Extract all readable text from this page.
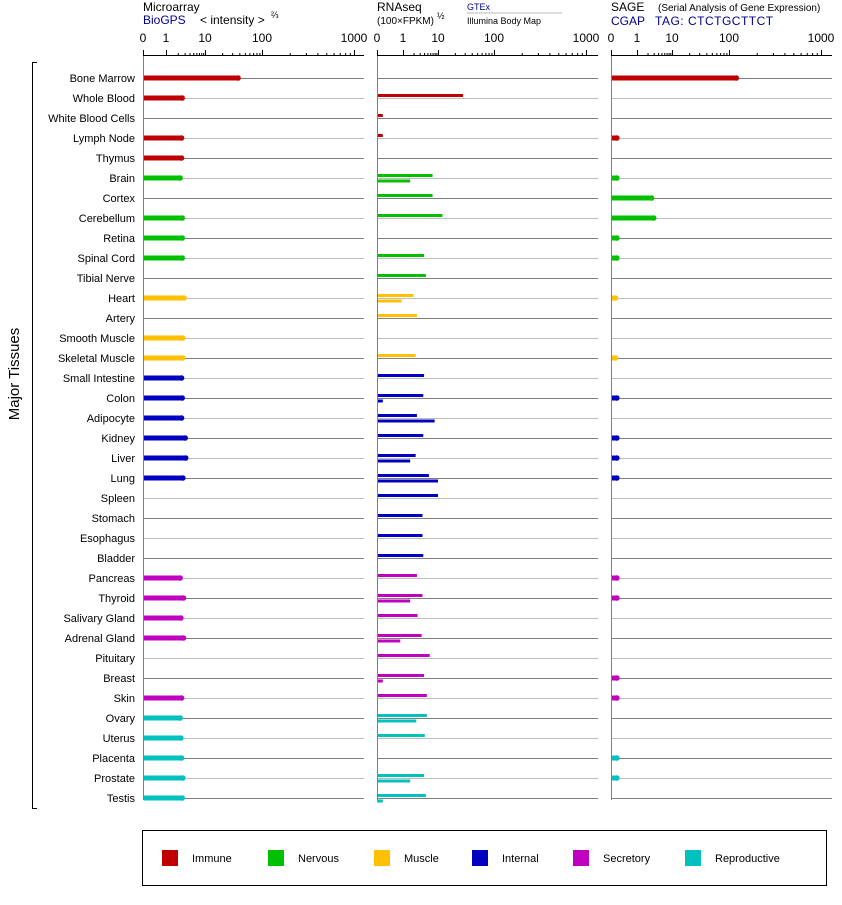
Bone Marrow
Whole Blood
White Blood Cells
Lymph Node
Thymus
Brain
Cortex
Cerebellum
Retina
Spinal Cord
Tibial Nerve
Heart
Artery
Smooth Muscle
Skeletal Muscle
Small Intestine
Colon
Adipocyte
Kidney
Liver
Lung
Spleen
Stomach
Esophagus
Bladder
Pancreas
Thyroid
Salivary Gland
Adrenal Gland
Pituitary
Breast
Skin
Ovary
Uterus
Placenta
Prostate
Testis
0 1 10	100	1000 0 1 10	100	1000 0 1 10	100	1000
Major Tissues
Microarray
BioGPS < intensity > ⅔
RNAseq
(100×FPKM) ½
GTEx
Illumina Body Map
SAGE (Serial Analysis of Gene Expression)
CGAP TAG: CTCTGCTTCT
Immune	Nervous	Muscle	Internal	Secretory	Reproductive
